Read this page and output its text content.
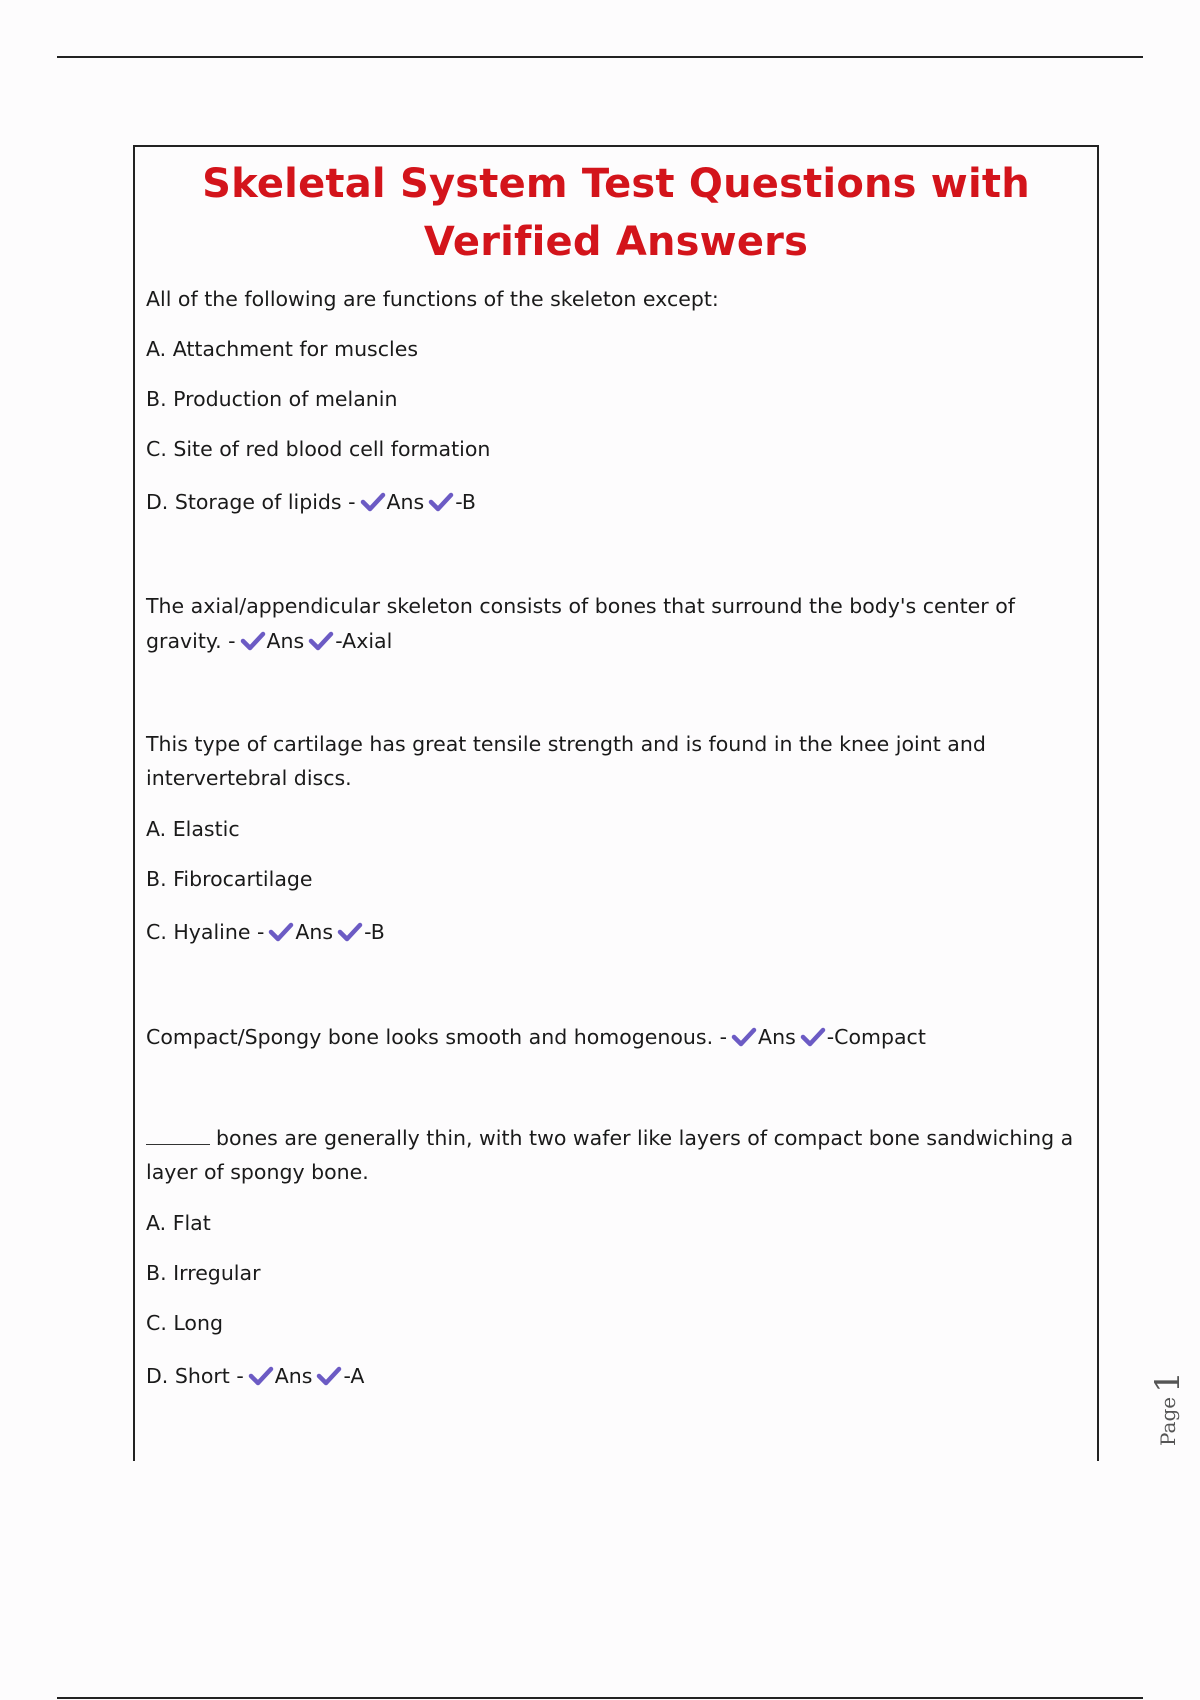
Skeletal System Test Questions with
Verified Answers
All of the following are functions of the skeleton except:
A. Attachment for muscles
B. Production of melanin
C. Site of red blood cell formation
D. Storage of lipids - Ans -B
The axial/appendicular skeleton consists of bones that surround the body's center of
gravity. - Ans -Axial
This type of cartilage has great tensile strength and is found in the knee joint and
intervertebral discs.
A. Elastic
B. Fibrocartilage
C. Hyaline - Ans -B
Compact/Spongy bone looks smooth and homogenous. - Ans -Compact
bones are generally thin, with two wafer like layers of compact bone sandwiching a
layer of spongy bone.
A. Flat
B. Irregular
C. Long
D. Short - Ans -A
Page1
